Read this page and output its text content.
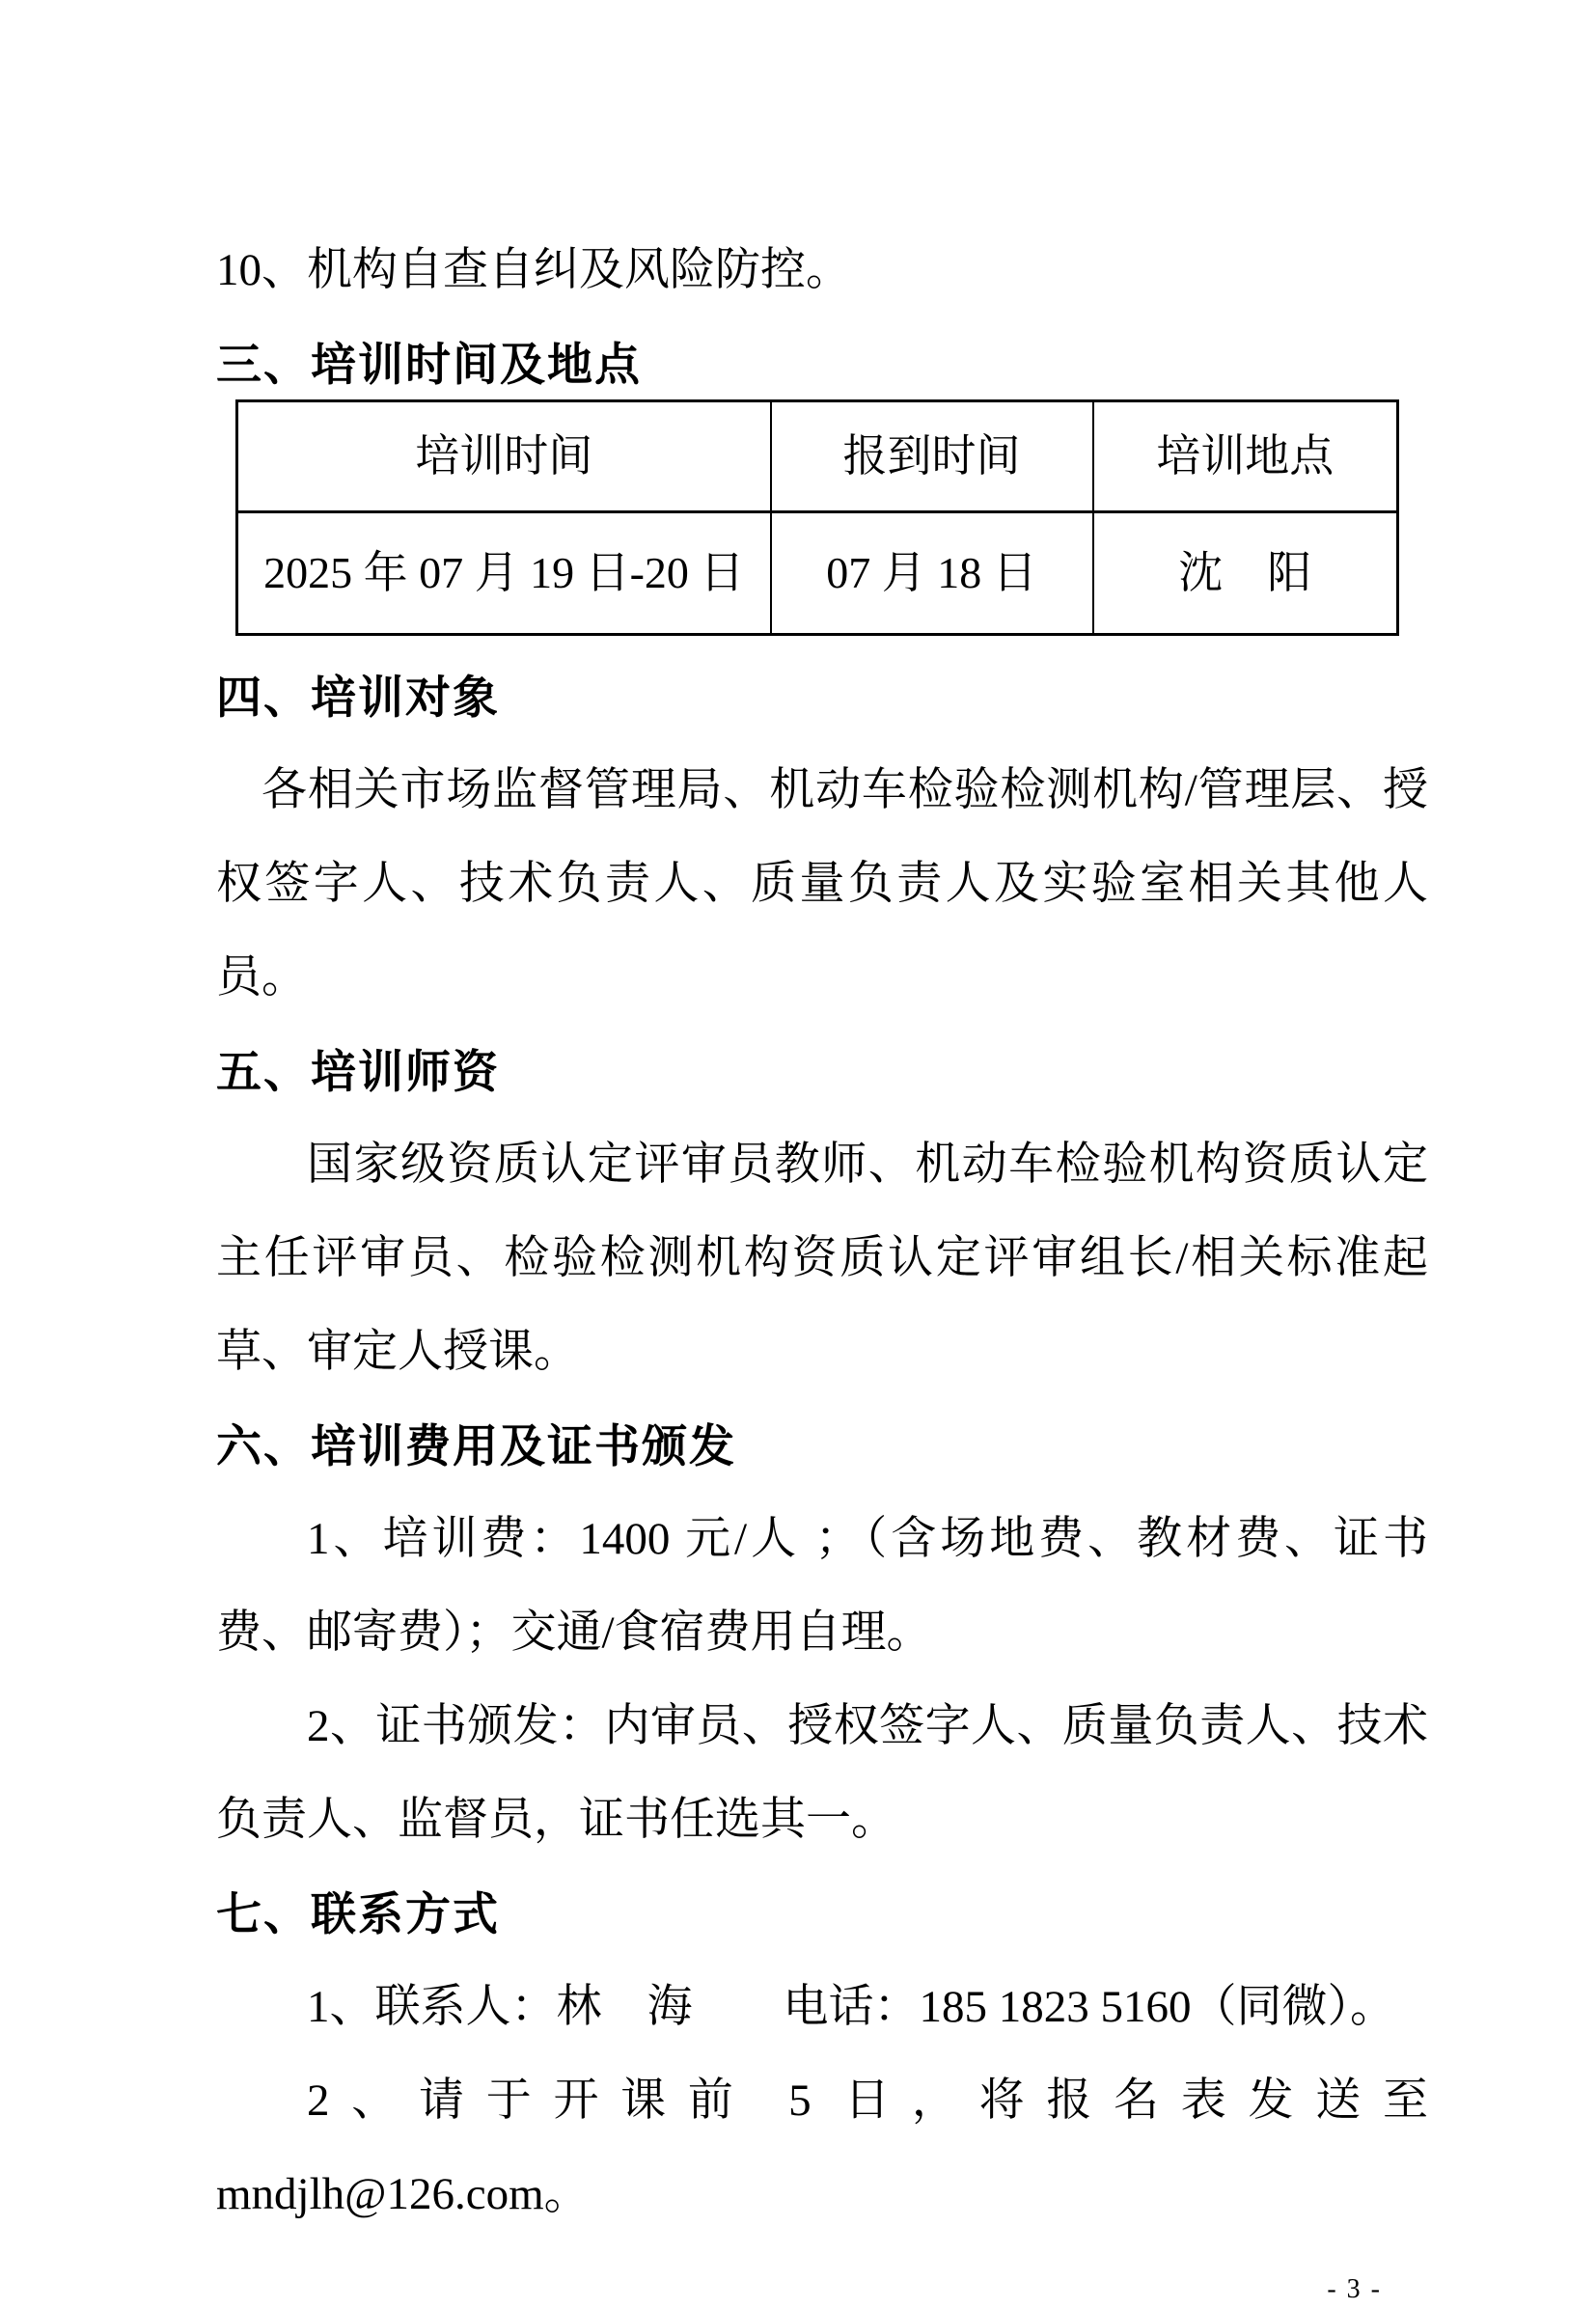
10、机构自查自纠及风险防控。

三、培训时间及地点
培训时间	报到时间	培训地点
2025 年 07 月 19 日-20 日	07 月 18 日	沈　阳
四、培训对象

各相关市场监督管理局、机动车检验检测机构/管理层、授权签字人、技术负责人、质量负责人及实验室相关其他人员。

五、培训师资

国家级资质认定评审员教师、机动车检验机构资质认定主任评审员、检验检测机构资质认定评审组长/相关标准起草、审定人授课。

六、培训费用及证书颁发

1、培训费：1400 元/人 ；（含场地费、教材费、证书费、邮寄费）；交通/食宿费用自理。

2、证书颁发：内审员、授权签字人、质量负责人、技术负责人、监督员，证书任选其一。

七、联系方式

1、联系人：林　海　　电话：185 1823 5160（同微）。

2、请于开课前 5 日，将报名表发送至 mndjlh@126.com。

- 3 -
